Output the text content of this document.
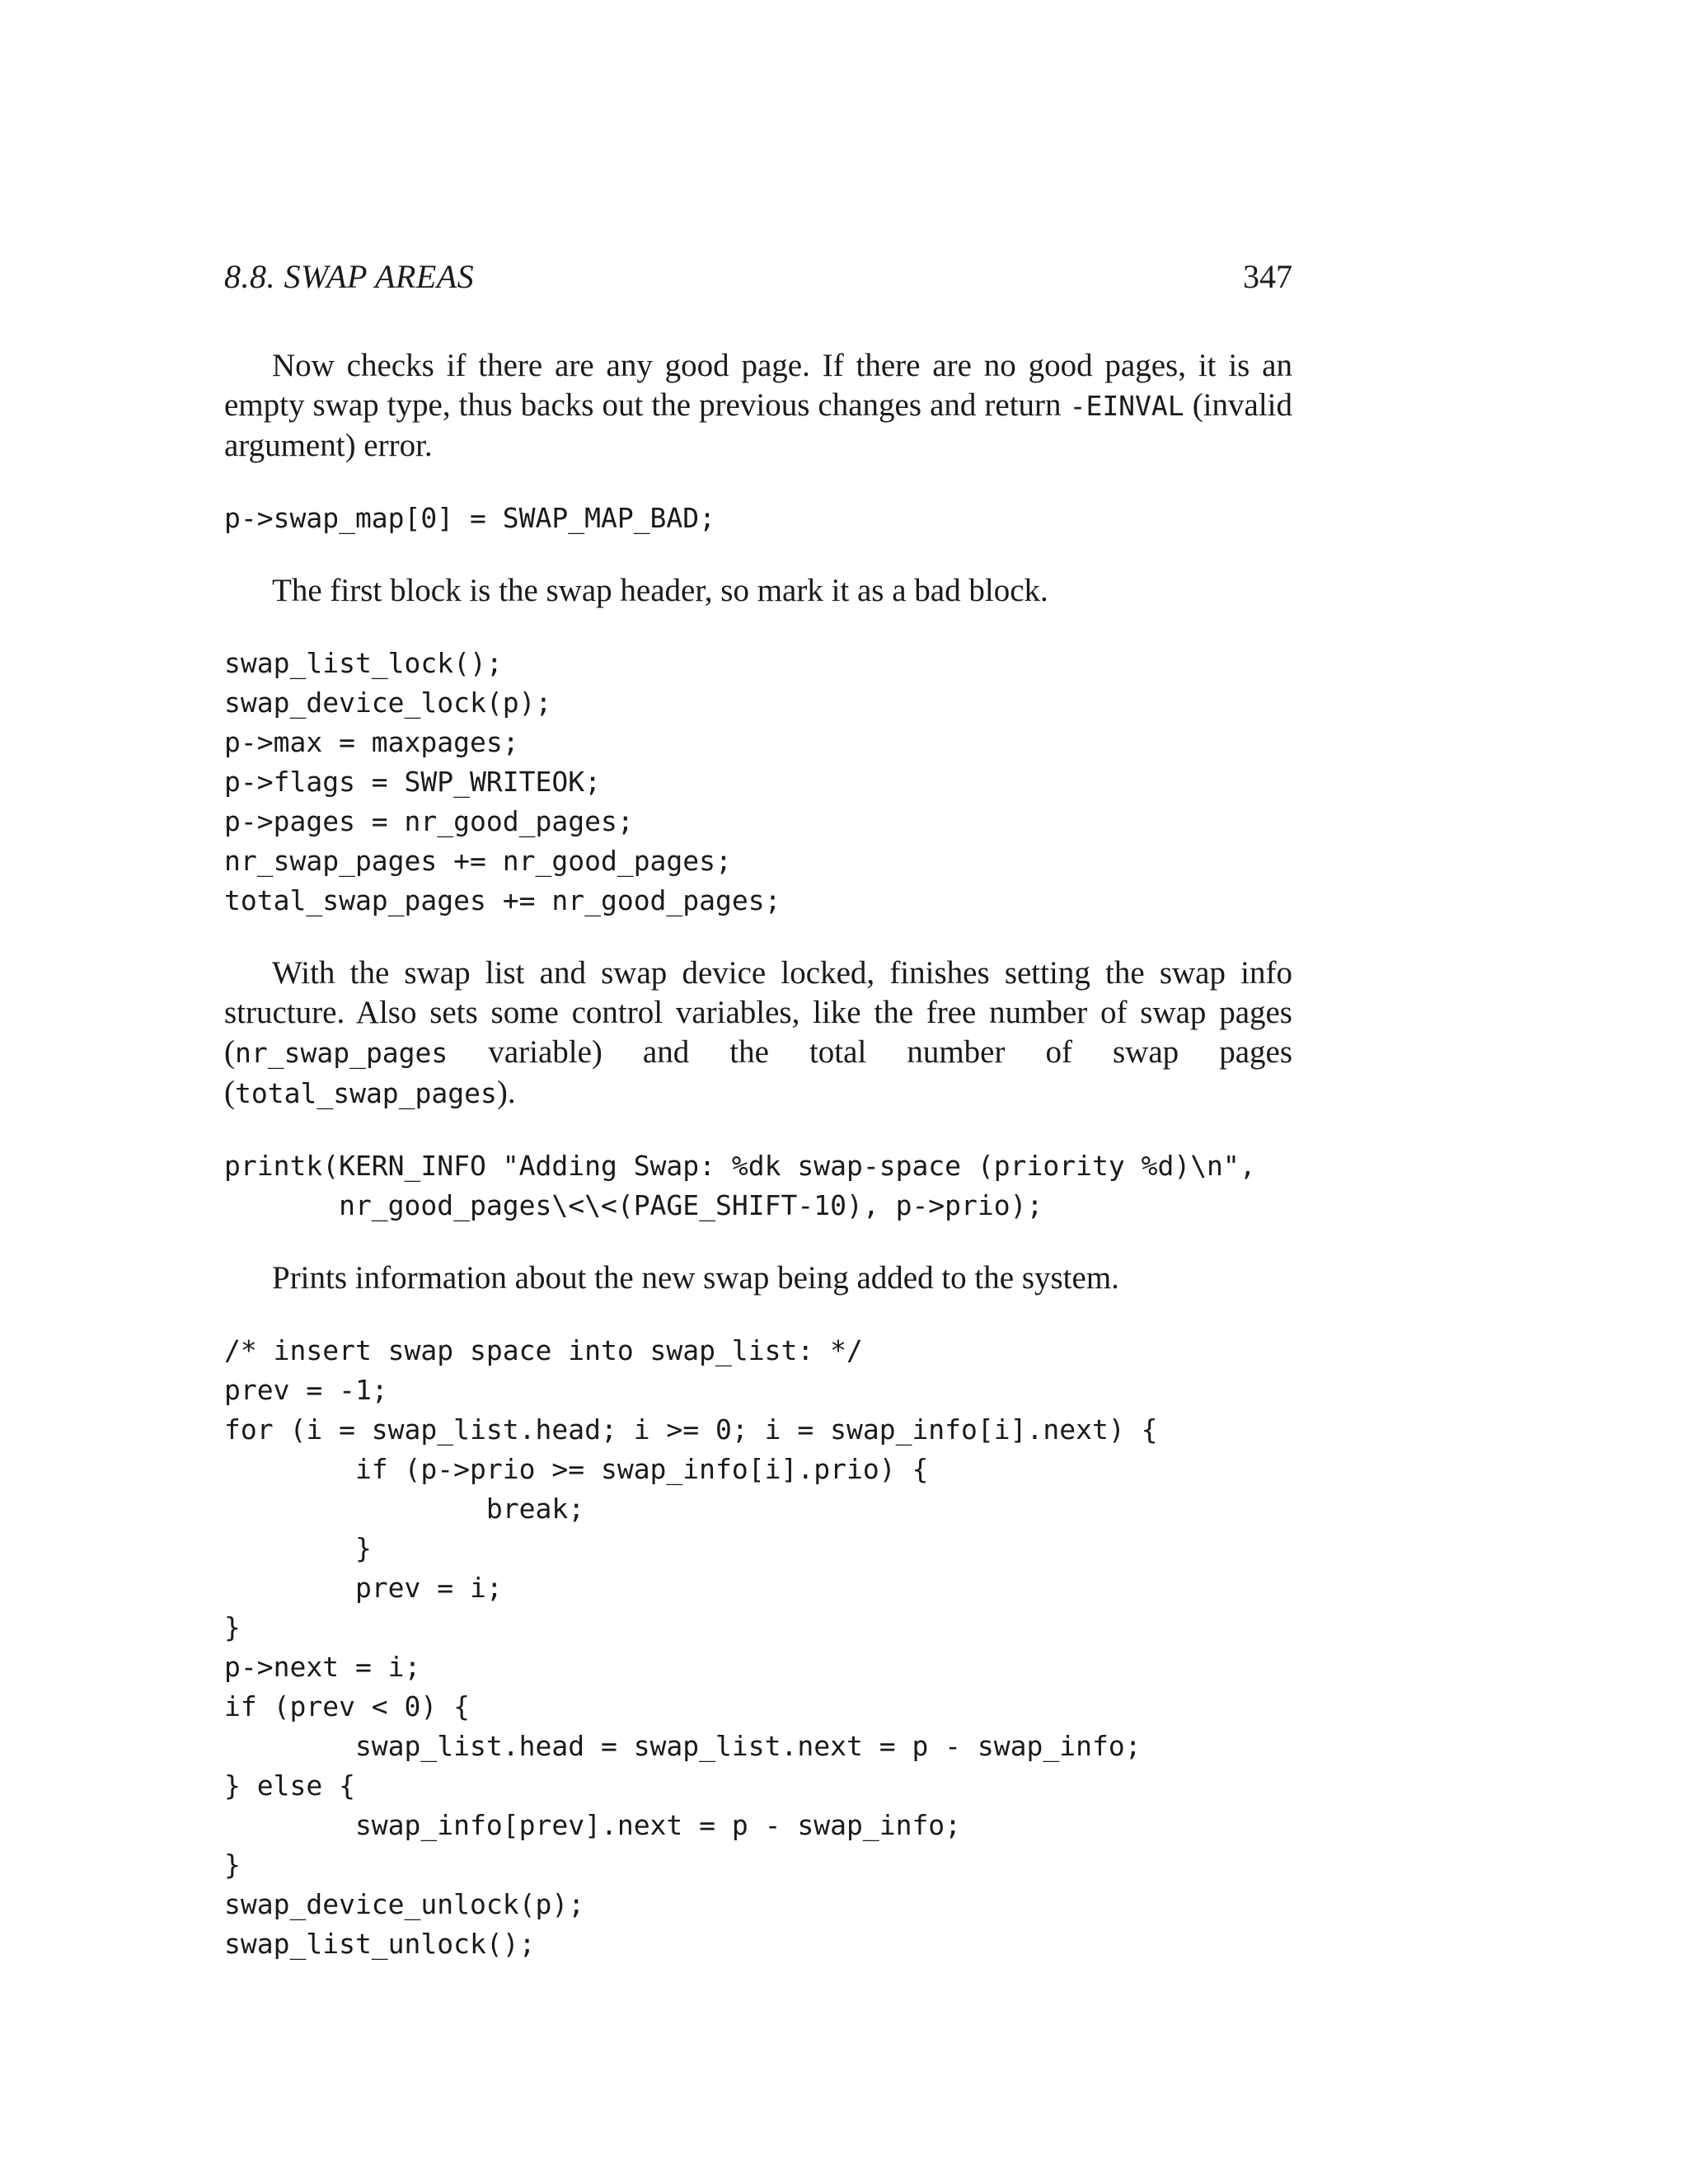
8.8. SWAP AREAS	347

Now checks if there are any good page. If there are no good pages, it is an empty swap type, thus backs out the previous changes and return -EINVAL (invalid argument) error.

p->swap_map[0] = SWAP_MAP_BAD;

The first block is the swap header, so mark it as a bad block.

swap_list_lock();
swap_device_lock(p);
p->max = maxpages;
p->flags = SWP_WRITEOK;
p->pages = nr_good_pages;
nr_swap_pages += nr_good_pages;
total_swap_pages += nr_good_pages;

With the swap list and swap device locked, finishes setting the swap info structure. Also sets some control variables, like the free number of swap pages (nr_swap_pages variable) and the total number of swap pages (total_swap_pages).

printk(KERN_INFO "Adding Swap: %dk swap-space (priority %d)\n",
nr_good_pages\<\<(PAGE_SHIFT-10), p->prio);

Prints information about the new swap being added to the system.

/* insert swap space into swap_list: */
prev = -1;
for (i = swap_list.head; i >= 0; i = swap_info[i].next) {
if (p->prio >= swap_info[i].prio) {
break;
}
prev = i;
}
p->next = i;
if (prev < 0) {
swap_list.head = swap_list.next = p - swap_info;
} else {
swap_info[prev].next = p - swap_info;
}
swap_device_unlock(p);
swap_list_unlock();
